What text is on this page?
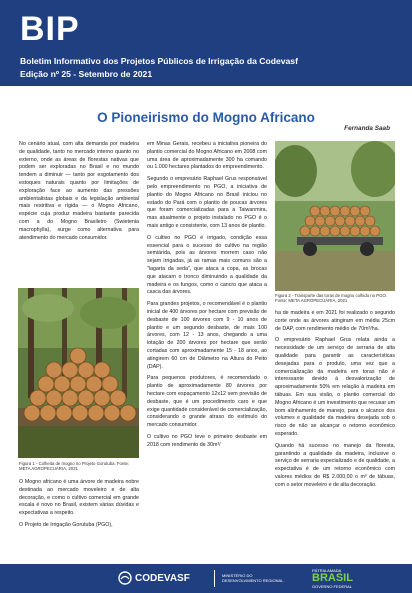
BIP
Boletim Informativo dos Projetos Públicos de Irrigação da Codevasf
Edição nº 25 - Setembro de 2021
O Pioneirismo do Mogno Africano
Fernanda Saab

No cenário atual, com alta demanda por madeira de qualidade, tanto no mercado interno quanto no externo, onde as áreas de florestas nativas que podem ser exploradas no Brasil e no mundo tendem a diminuir — tanto por esgotamento dos estoques naturais quanto por limitações de exploração face ao aumento das pressões ambientalistas globais e da legislação ambiental mais restritiva e rígida — o Mogno Africano, espécie cuja produz madeira bastante parecida com a do Mogno Brasileiro (Swietenia macrophylla), surge como alternativa para atendimento do mercado consumidor.

Figura 1 - Colheita de mogno no Projeto Gorutuba. Fonte: META AGROPECUÁRIA, 2021

O Mogno africano é uma árvore de madeira nobre destinada ao mercado moveleiro e de alta decoração, e como o cultivo comercial em grande escala é novo no Brasil, existem várias dúvidas e expectativas a respeito.

O Projeto de Irrigação Gorutuba (PGO),

em Minas Gerais, recebeu a iniciativa pioneira do plantio comercial do Mogno Africano em 2008 com uma área de aproximadamente 300 ha comando ou 1.000 hectares plantados do empreendimento.

Segundo o empresário Raphael Grus responsável pelo empreendimento no PGO, a iniciativa de plantio do Mogno Africano no Brasil iniciou no estado do Pará com o plantio de poucas árvores que foram comercializadas para a Taiwanmira, mas atualmente o projeto instalado no PGO é o mais antigo e consistente, com 13 anos de plantio.

O cultivo no PGO é irrigado, condição essa essencial para o sucesso do cultivo na região semiárida, pois as árvores morrem caso não sejam irrigadas, já as ramas mais comuns são a "lagarta da seda", que ataca a copa, as brocas que atacam o tronco diminuindo a qualidade da madeira e os fungos, como o cancro que ataca a casca das árvores.

Para grandes projetos, o recomendável é o plantio inicial de 400 árvores por hectare com previsão de desbaste de 100 árvores com 9 - 10 anos de plantio e um segundo desbaste, de mais 100 árvores, com 12 - 13 anos, chegando a uma lotação de 200 árvores por hectare que serão cortadas com aproximadamente 15 - 18 anos, ao atingirem 60 cm de Diâmetro na Altura do Peito (DAP).

Para pequenos produtores, é recomendado o plantio de aproximadamente 80 árvores por hectare com espaçamento 12x12 sem previsão de desbaste, que é um procedimento caro e que exige quantidade considerável de comercialização, considerando o grande atraso do estímulo do mercado consumidor.

O cultivo no PGO teve o primeiro desbaste em 2018 com rendimento de 30m³/

Figura 2 - Transporte das toras de mogno colhido no PGO. Fonte: META AGROPECUÁRIA, 2021

ha de madeira e em 2021 foi realizado o segundo corte onde as árvores atingiram em média 25cm de DAP, com rendimento médio de 70m³/ha.

O empresário Raphael Grus relata ainda a necessidade de um serviço de serraria de alta qualidade para garantir as características desejadas para o produto, uma vez que a comercialização da madeira em toras não é interessante devido à desvalorização de aproximadamente 50% em relação à madeira em tábuas. Em sua visão, o plantio comercial do Mogno Africano é um investimento que recusar um bom alinhamento de manejo, para o alcance dos volumes e qualidade da madeira desejada sob o risco de não se alcançar o retorno econômico esperado.

Quando há sucesso no manejo da floresta, garantindo a qualidade da madeira, inclusive o serviço de serraria especializado e de qualidade, a expectativa é de um retorno econômico com valores médios de R$ 2.000,00 o m³ de tábuas, com o setor moveleiro e de alta decoração.

CODEVASF	MINISTÉRIO DO DESENVOLVIMENTO REGIONAL
PÁTRIA AMADA
BRASIL
GOVERNO FEDERAL
